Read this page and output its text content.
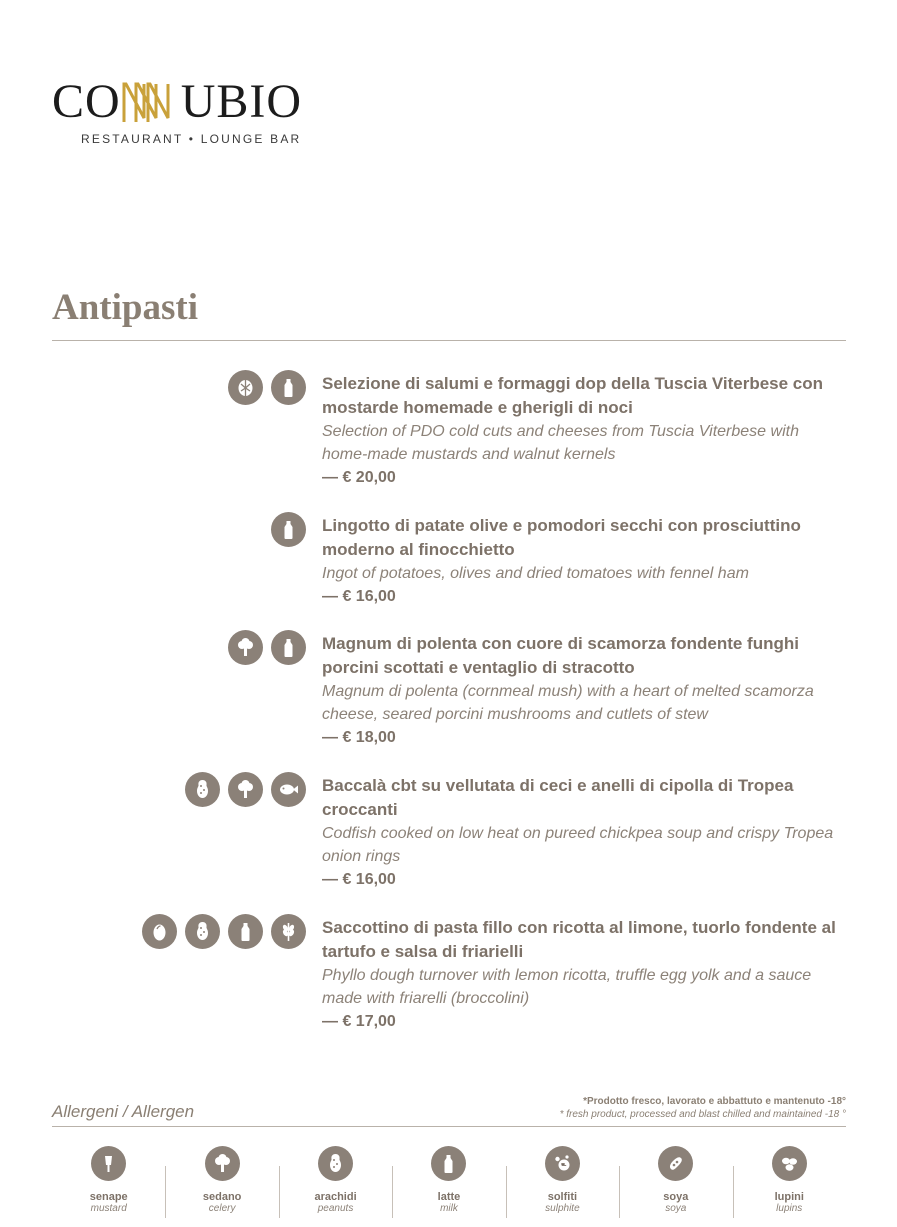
CO UBIO
RESTAURANT • LOUNGE BAR
Antipasti
Selezione di salumi e formaggi dop della Tuscia Viterbese con mostarde homemade e gherigli di noci
Selection of PDO cold cuts and cheeses from Tuscia Viterbese with home-made mustards and walnut kernels
— € 20,00
Lingotto di patate olive e pomodori secchi con prosciuttino moderno al finocchietto
Ingot of potatoes, olives and dried tomatoes with fennel ham
— € 16,00
Magnum di polenta con cuore di scamorza fondente funghi porcini scottati e ventaglio di stracotto
Magnum di polenta (cornmeal mush) with a heart of melted scamorza cheese, seared porcini mushrooms and cutlets of stew
— € 18,00
Baccalà cbt su vellutata di ceci e anelli di cipolla di Tropea croccanti
Codfish cooked on low heat on pureed chickpea soup and crispy Tropea onion rings
— € 16,00
Saccottino di pasta fillo con ricotta al limone, tuorlo fondente al tartufo e salsa di friarielli
Phyllo dough turnover with lemon ricotta, truffle egg yolk and a sauce made with friarelli (broccolini)
— € 17,00
Allergeni / Allergen
*Prodotto fresco, lavorato e abbattuto e mantenuto -18°
* fresh product, processed and blast chilled and maintained -18 °
senape
mustard
sedano
celery
arachidi
peanuts
latte
milk
solfiti
sulphite
soya
soya
lupini
lupins
